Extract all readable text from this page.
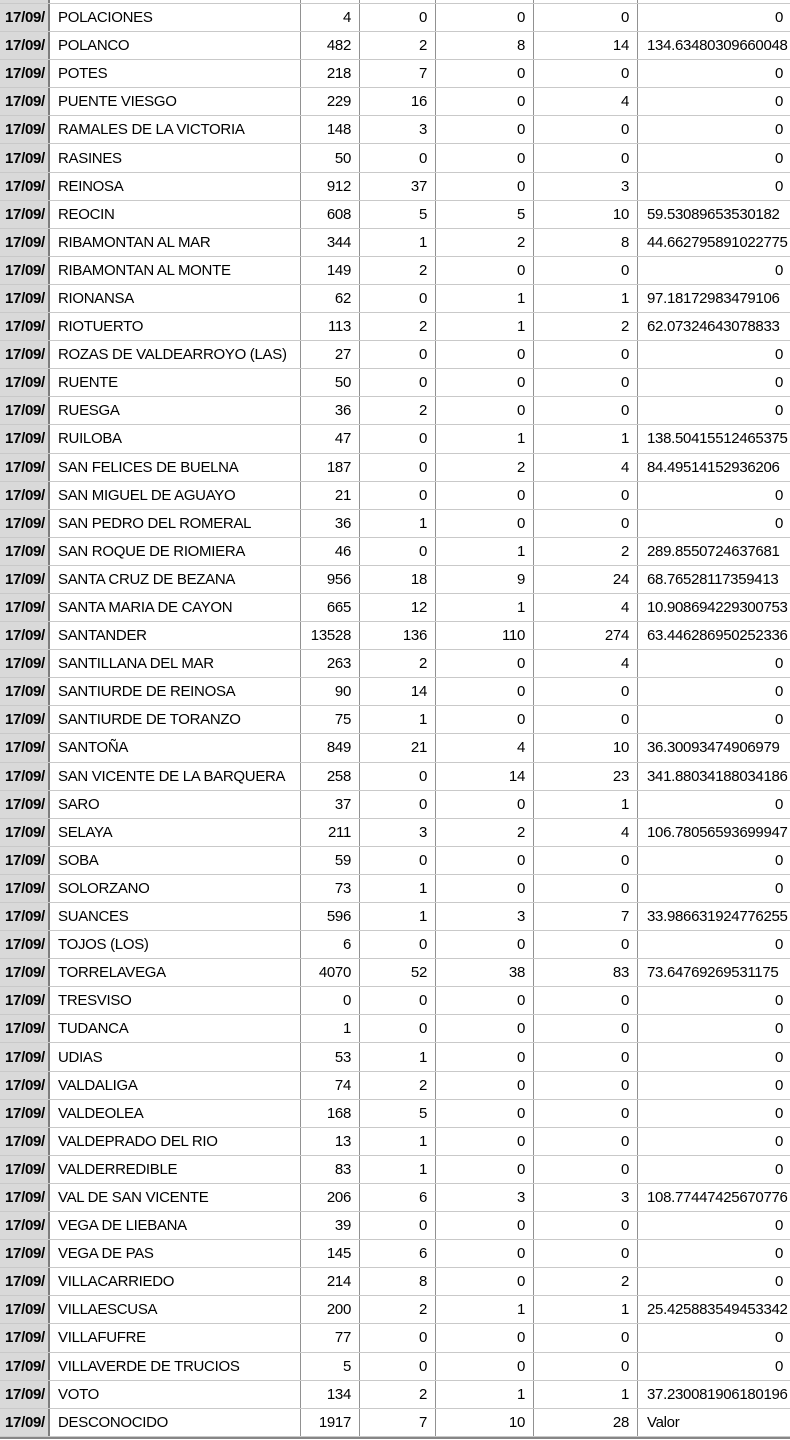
17/09/ POLACIONES	4	0	0	0	0
17/09/ POLANCO	482	2	8	14	134.63480309660048
17/09/ POTES	218	7	0	0	0
17/09/ PUENTE VIESGO	229	16	0	4	0
17/09/ RAMALES DE LA VICTORIA	148	3	0	0	0
17/09/ RASINES	50	0	0	0	0
17/09/ REINOSA	912	37	0	3	0
17/09/ REOCIN	608	5	5	10	59.53089653530182
17/09/ RIBAMONTAN AL MAR	344	1	2	8	44.662795891022775
17/09/ RIBAMONTAN AL MONTE	149	2	0	0	0
17/09/ RIONANSA	62	0	1	1	97.18172983479106
17/09/ RIOTUERTO	113	2	1	2	62.07324643078833
17/09/ ROZAS DE VALDEARROYO (LAS)	27	0	0	0	0
17/09/ RUENTE	50	0	0	0	0
17/09/ RUESGA	36	2	0	0	0
17/09/ RUILOBA	47	0	1	1	138.50415512465375
17/09/ SAN FELICES DE BUELNA	187	0	2	4	84.49514152936206
17/09/ SAN MIGUEL DE AGUAYO	21	0	0	0	0
17/09/ SAN PEDRO DEL ROMERAL	36	1	0	0	0
17/09/ SAN ROQUE DE RIOMIERA	46	0	1	2	289.8550724637681
17/09/ SANTA CRUZ DE BEZANA	956	18	9	24	68.76528117359413
17/09/ SANTA MARIA DE CAYON	665	12	1	4	10.908694229300753
17/09/ SANTANDER	13528	136	110	274	63.446286950252336
17/09/ SANTILLANA DEL MAR	263	2	0	4	0
17/09/ SANTIURDE DE REINOSA	90	14	0	0	0
17/09/ SANTIURDE DE TORANZO	75	1	0	0	0
17/09/ SANTOÑA	849	21	4	10	36.30093474906979
17/09/ SAN VICENTE DE LA BARQUERA	258	0	14	23	341.88034188034186
17/09/ SARO	37	0	0	1	0
17/09/ SELAYA	211	3	2	4	106.78056593699947
17/09/ SOBA	59	0	0	0	0
17/09/ SOLORZANO	73	1	0	0	0
17/09/ SUANCES	596	1	3	7	33.986631924776255
17/09/ TOJOS (LOS)	6	0	0	0	0
17/09/ TORRELAVEGA	4070	52	38	83	73.64769269531175
17/09/ TRESVISO	0	0	0	0	0
17/09/ TUDANCA	1	0	0	0	0
17/09/ UDIAS	53	1	0	0	0
17/09/ VALDALIGA	74	2	0	0	0
17/09/ VALDEOLEA	168	5	0	0	0
17/09/ VALDEPRADO DEL RIO	13	1	0	0	0
17/09/ VALDERREDIBLE	83	1	0	0	0
17/09/ VAL DE SAN VICENTE	206	6	3	3	108.77447425670776
17/09/ VEGA DE LIEBANA	39	0	0	0	0
17/09/ VEGA DE PAS	145	6	0	0	0
17/09/ VILLACARRIEDO	214	8	0	2	0
17/09/ VILLAESCUSA	200	2	1	1	25.425883549453342
17/09/ VILLAFUFRE	77	0	0	0	0
17/09/ VILLAVERDE DE TRUCIOS	5	0	0	0	0
17/09/ VOTO	134	2	1	1	37.230081906180196
17/09/ DESCONOCIDO	1917	7	10	28	Valor
